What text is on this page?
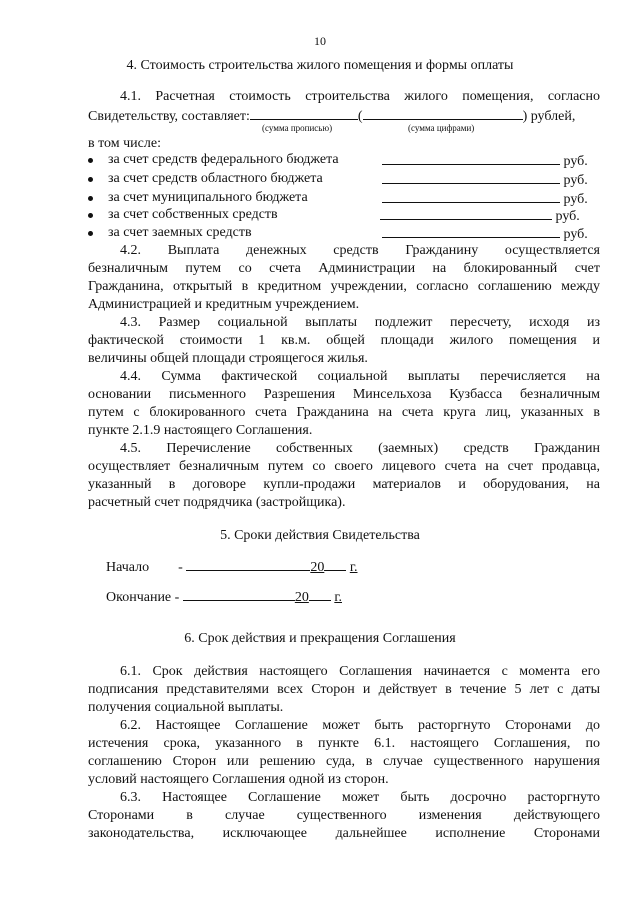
10
4. Стоимость строительства жилого помещения и формы оплаты
4.1. Расчетная стоимость строительства жилого помещения, согласно
Свидетельству, составляет:	(	) рублей,
(сумма прописью)	(сумма цифрами)
в том числе:
за счет средств федерального бюджета	руб.
за счет средств областного бюджета	руб.
за счет муниципального бюджета	руб.
за счет собственных средств	руб.
за счет заемных средств	руб.
4.2. Выплата денежных средств Гражданину осуществляется
безналичным путем со счета Администрации на блокированный счет
Гражданина, открытый в кредитном учреждении, согласно соглашению между
Администрацией и кредитным учреждением.
4.3. Размер социальной выплаты подлежит пересчету, исходя из
фактической стоимости 1 кв.м. общей площади жилого помещения и
величины общей площади строящегося жилья.
4.4. Сумма фактической социальной выплаты перечисляется на
основании письменного Разрешения Минсельхоза Кузбасса безналичным
путем с блокированного счета Гражданина на счета круга лиц, указанных в
пункте 2.1.9 настоящего Соглашения.
4.5. Перечисление собственных (заемных) средств Гражданин
осуществляет безналичным путем со своего лицевого счета на счет продавца,
указанный в договоре купли-продажи материалов и оборудования, на
расчетный счет подрядчика (застройщика).
5. Сроки действия Свидетельства
Начало -	20 г.
Окончание -	20 г.
6. Срок действия и прекращения Соглашения
6.1. Срок действия настоящего Соглашения начинается с момента его
подписания представителями всех Сторон и действует в течение 5 лет с даты
получения социальной выплаты.
6.2. Настоящее Соглашение может быть расторгнуто Сторонами до
истечения срока, указанного в пункте 6.1. настоящего Соглашения, по
соглашению Сторон или решению суда, в случае существенного нарушения
условий настоящего Соглашения одной из сторон.
6.3. Настоящее Соглашение может быть досрочно расторгнуто
Сторонами в случае существенного изменения действующего
законодательства, исключающее дальнейшее исполнение Сторонами
